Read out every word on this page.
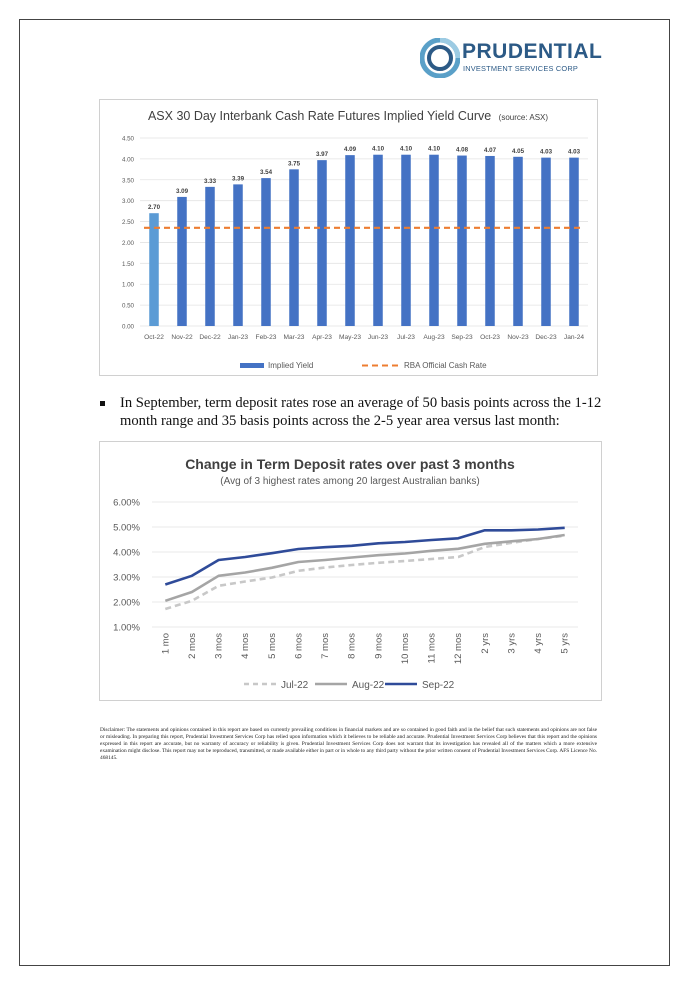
PRUDENTIAL
INVESTMENT SERVICES CORP
ASX 30 Day Interbank Cash Rate Futures Implied Yield Curve (source: ASX)
0.00
0.50
1.00
1.50
2.00
2.50
3.00
3.50
4.00
4.50
2.70
3.09
3.33	3.39
3.54
3.75
3.97
4.09	4.10	4.10	4.10	4.08	4.07	4.05	4.03	4.03
Oct-22 Nov-22 Dec-22 Jan-23 Feb-23 Mar-23 Apr-23 May-23 Jun-23 Jul-23 Aug-23 Sep-23 Oct-23 Nov-23 Dec-23 Jan-24
Implied Yield	RBA Official Cash Rate
In September, term deposit rates rose an average of 50 basis points across the 1-12 month range and 35 basis points across the 2-5 year area versus last month:
Change in Term Deposit rates over past 3 months
(Avg of 3 highest rates among 20 largest Australian banks)
1.00%
2.00%
3.00%
4.00%
5.00%
6.00%
1 mo 2 mos 3 mos 4 mos 5 mos 6 mos 7 mos 8 mos 9 mos 10 mos 11 mos 12 mos 2 yrs 3 yrs 4 yrs 5 yrs
Jul-22	Aug-22	Sep-22
Disclaimer: The statements and opinions contained in this report are based on currently prevailing conditions in financial markets and are so contained in good faith and in the belief that such statements and opinions are not false or misleading. In preparing this report, Prudential Investment Services Corp has relied upon information which it believes to be reliable and accurate. Prudential Investment Services Corp believes that this report and the opinions expressed in this report are accurate, but no warranty of accuracy or reliability is given. Prudential Investment Services Corp does not warrant that its investigation has revealed all of the matters which a more extensive examination might disclose. This report may not be reproduced, transmitted, or made available either in part or in whole to any third party without the prior written consent of Prudential Investment Services Corp. AFS Licence No. 468145.
